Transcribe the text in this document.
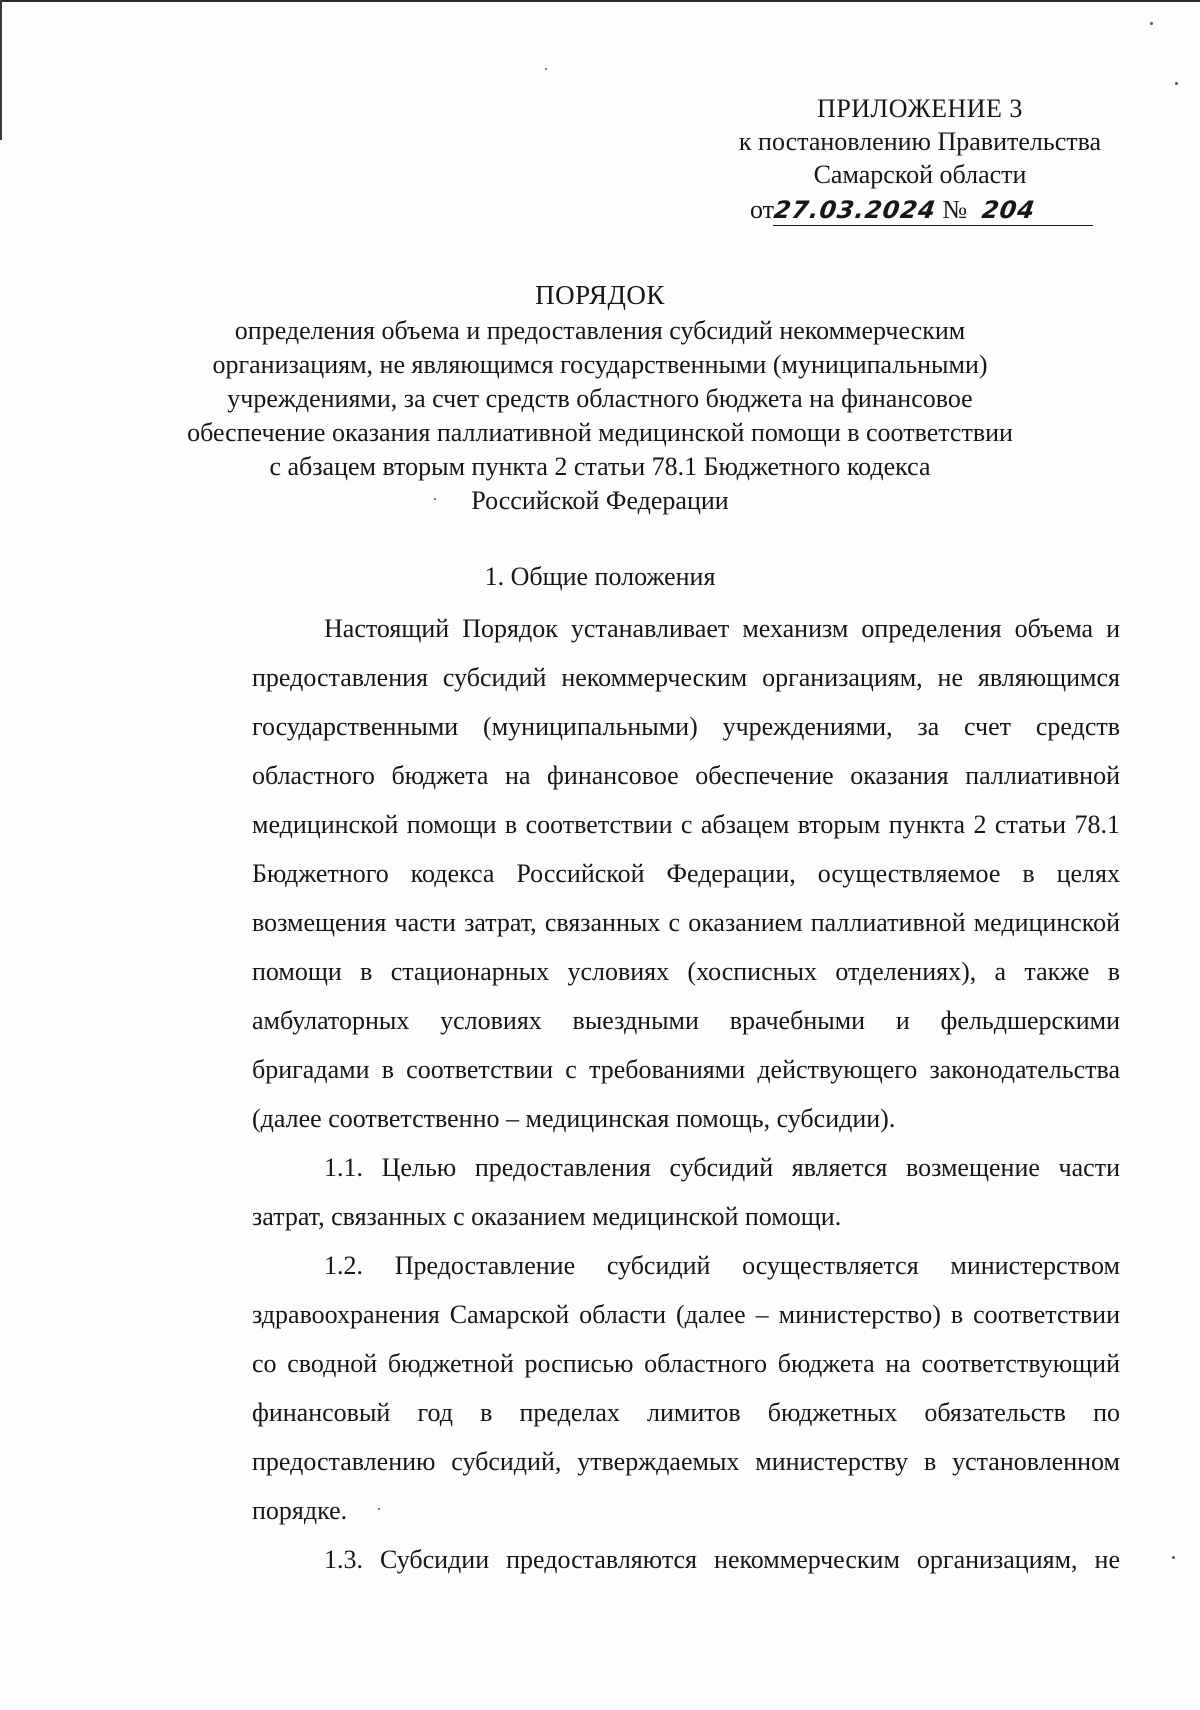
ПРИЛОЖЕНИЕ 3
к постановлению Правительства
Самарской области
от27.03.2024 № 204
ПОРЯДОК
определения объема и предоставления субсидий некоммерческим
организациям, не являющимся государственными (муниципальными)
учреждениями, за счет средств областного бюджета на финансовое
обеспечение оказания паллиативной медицинской помощи в соответствии
с абзацем вторым пункта 2 статьи 78.1 Бюджетного кодекса
Российской Федерации
1. Общие положения
Настоящий Порядок устанавливает механизм определения объема и
предоставления субсидий некоммерческим организациям, не являющимся
государственными (муниципальными) учреждениями, за счет средств
областного бюджета на финансовое обеспечение оказания паллиативной
медицинской помощи в соответствии с абзацем вторым пункта 2 статьи 78.1
Бюджетного кодекса Российской Федерации, осуществляемое в целях
возмещения части затрат, связанных с оказанием паллиативной медицинской
помощи в стационарных условиях (хосписных отделениях), а также в
амбулаторных условиях выездными врачебными и фельдшерскими
бригадами в соответствии с требованиями действующего законодательства
(далее соответственно – медицинская помощь, субсидии).
1.1. Целью предоставления субсидий является возмещение части
затрат, связанных с оказанием медицинской помощи.
1.2. Предоставление субсидий осуществляется министерством
здравоохранения Самарской области (далее – министерство) в соответствии
со сводной бюджетной росписью областного бюджета на соответствующий
финансовый год в пределах лимитов бюджетных обязательств по
предоставлению субсидий, утверждаемых министерству в установленном
порядке.
1.3. Субсидии предоставляются некоммерческим организациям, не
